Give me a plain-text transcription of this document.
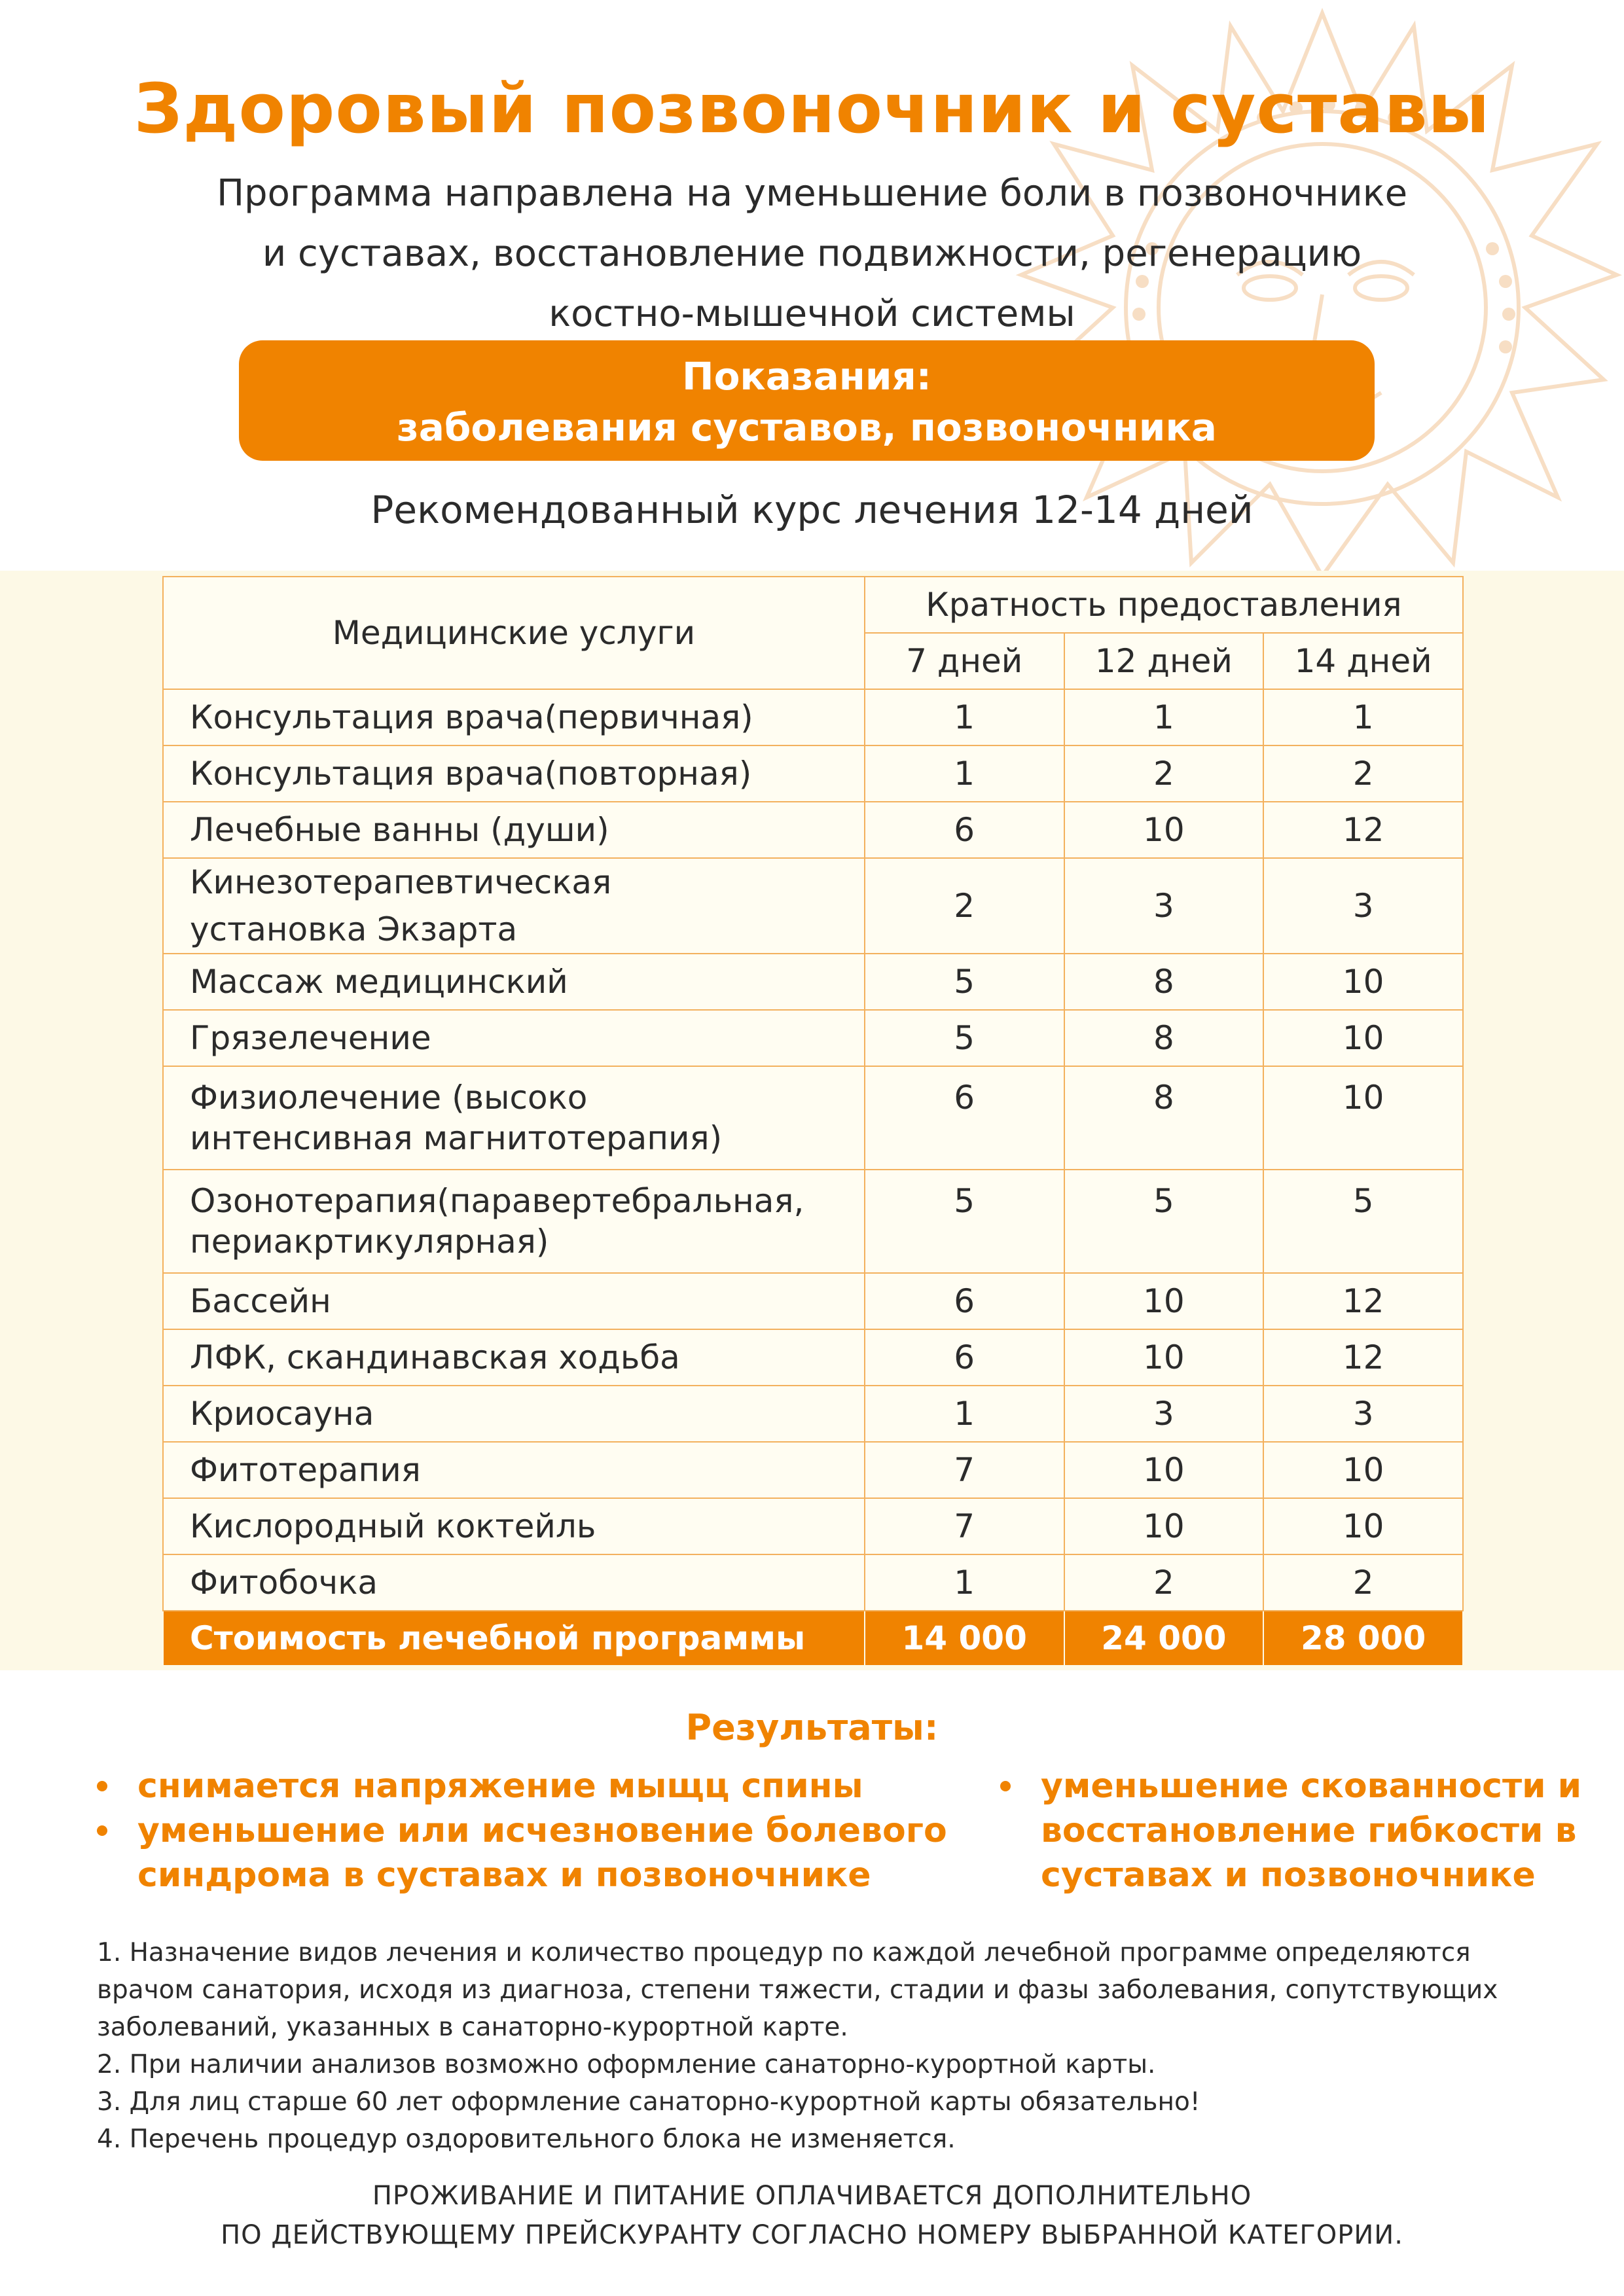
Здоровый позвоночник и суставы
Программа направлена на уменьшение боли в позвоночнике
и суставах, восстановление подвижности, регенерацию
костно-мышечной системы
Показания:
заболевания суставов, позвоночника
Рекомендованный курс лечения 12-14 дней
Медицинские услуги	Кратность предоставления		
	7 дней	12 дней	14 дней
Консультация врача(первичная)	1	1	1
Консультация врача(повторная)	1	2	2
Лечебные ванны (души)	6	10	12

Кинезотерапевтическая
установка Экзарта	2	3	3
Массаж медицинский	5	8	10
Грязелечение	5	8	10

Физиолечение (высоко
интенсивная магнитотерапия)	6	8	10

Озонотерапия(паравертебральная,
периакртикулярная)	5	5	5
Бассейн	6	10	12
ЛФК, скандинавская ходьба	6	10	12
Криосауна	1	3	3
Фитотерапия	7	10	10
Кислородный коктейль	7	10	10
Фитобочка	1	2	2
Стоимость лечебной программы	14 000	24 000	28 000
Результаты:
снимается напряжение мыщц спины
уменьшение или исчезновение болевого синдрома в суставах и позвоночнике
уменьшение скованности и восстановление гибкости в суставах и позвоночнике

1. Назначение видов лечения и количество процедур по каждой лечебной программе определяются врачом санатория, исходя из диагноза, степени тяжести, стадии и фазы заболевания, сопутствующих заболеваний, указанных в санаторно-курортной карте.

2. При наличии анализов возможно оформление санаторно-курортной карты.

3. Для лиц старше 60 лет оформление санаторно-курортной карты обязательно!

4. Перечень процедур оздоровительного блока не изменяется.

ПРОЖИВАНИЕ И ПИТАНИЕ ОПЛАЧИВАЕТСЯ ДОПОЛНИТЕЛЬНО
ПО ДЕЙСТВУЮЩЕМУ ПРЕЙСКУРАНТУ СОГЛАСНО НОМЕРУ ВЫБРАННОЙ КАТЕГОРИИ.
